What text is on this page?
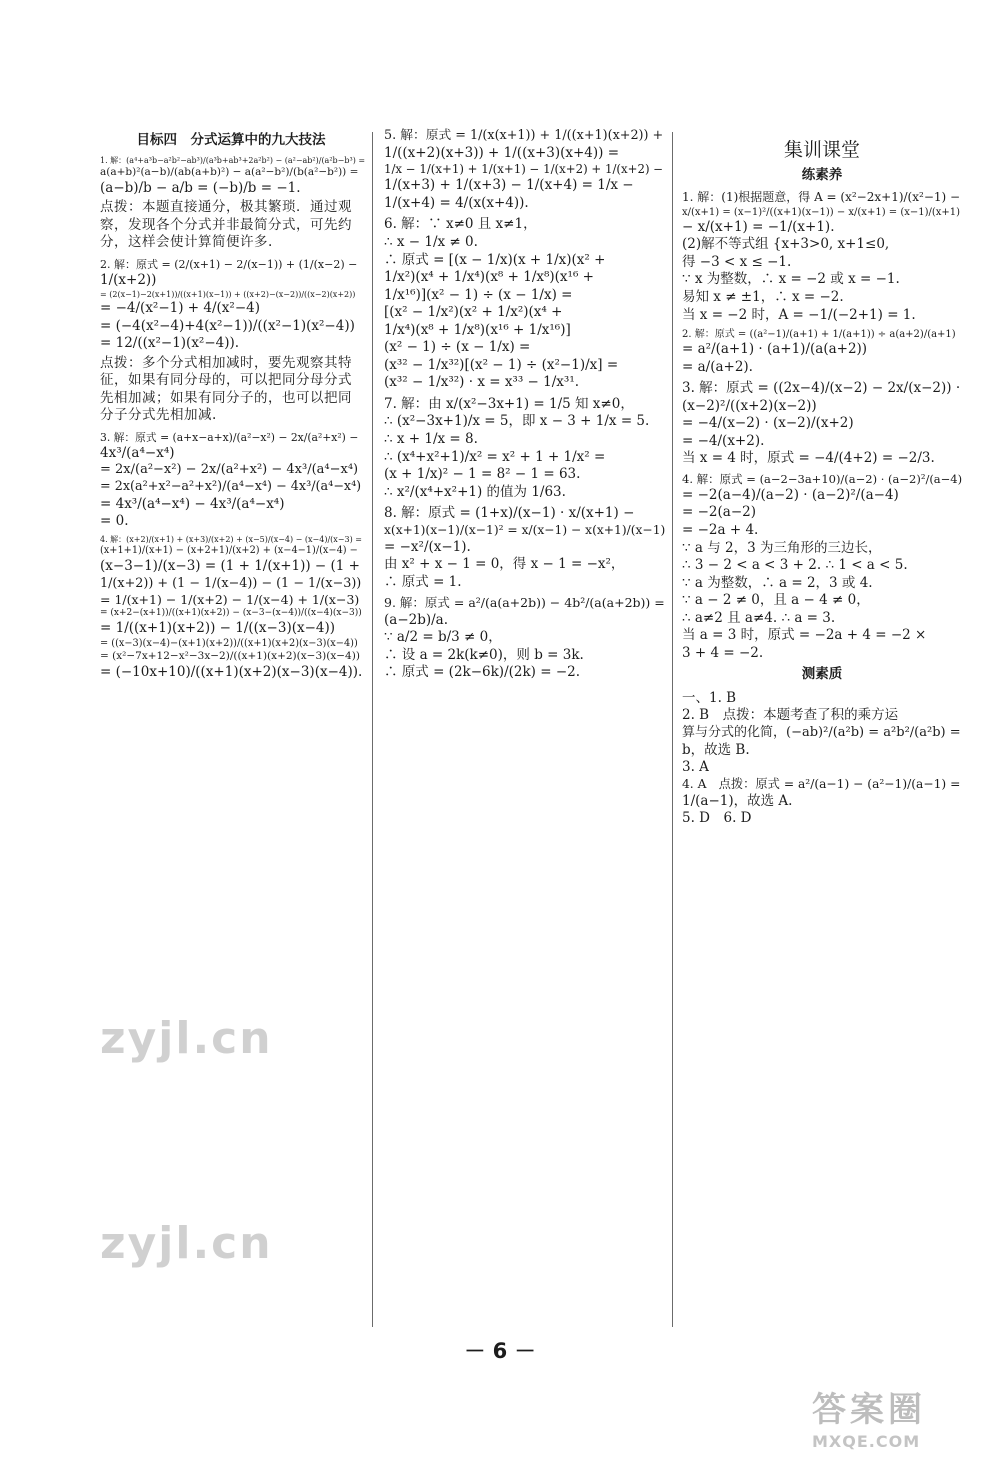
目标四　分式运算中的九大技法
1. 解：(a⁴+a³b−a²b²−ab³)/(a³b+ab³+2a²b²) − (a²−ab²)/(a²b−b³) =
a(a+b)²(a−b)/(ab(a+b)²) − a(a²−b²)/(b(a²−b²)) =
(a−b)/b − a/b = (−b)/b = −1.
点拨：本题直接通分，极其繁琐．通过观察，发现各个分式并非最简分式，可先约分，这样会使计算简便许多.
2. 解：原式 = (2/(x+1) − 2/(x−1)) + (1/(x−2) −
1/(x+2))
= (2(x−1)−2(x+1))/((x+1)(x−1)) + ((x+2)−(x−2))/((x−2)(x+2))
= −4/(x²−1) + 4/(x²−4)
= (−4(x²−4)+4(x²−1))/((x²−1)(x²−4))
= 12/((x²−1)(x²−4)).
点拨：多个分式相加减时，要先观察其特征，如果有同分母的，可以把同分母分式先相加减；如果有同分子的，也可以把同分子分式先相加减.
3. 解：原式 = (a+x−a+x)/(a²−x²) − 2x/(a²+x²) −
4x³/(a⁴−x⁴)
= 2x/(a²−x²) − 2x/(a²+x²) − 4x³/(a⁴−x⁴)
= 2x(a²+x²−a²+x²)/(a⁴−x⁴) − 4x³/(a⁴−x⁴)
= 4x³/(a⁴−x⁴) − 4x³/(a⁴−x⁴)
= 0.
4. 解：(x+2)/(x+1) + (x+3)/(x+2) + (x−5)/(x−4) − (x−4)/(x−3) =
(x+1+1)/(x+1) − (x+2+1)/(x+2) + (x−4−1)/(x−4) −
(x−3−1)/(x−3) = (1 + 1/(x+1)) − (1 +
1/(x+2)) + (1 − 1/(x−4)) − (1 − 1/(x−3))
= 1/(x+1) − 1/(x+2) − 1/(x−4) + 1/(x−3)
= (x+2−(x+1))/((x+1)(x+2)) − (x−3−(x−4))/((x−4)(x−3))
= 1/((x+1)(x+2)) − 1/((x−3)(x−4))
= ((x−3)(x−4)−(x+1)(x+2))/((x+1)(x+2)(x−3)(x−4))
= (x²−7x+12−x²−3x−2)/((x+1)(x+2)(x−3)(x−4))
= (−10x+10)/((x+1)(x+2)(x−3)(x−4)).
5. 解：原式 = 1/(x(x+1)) + 1/((x+1)(x+2)) +
1/((x+2)(x+3)) + 1/((x+3)(x+4)) =
1/x − 1/(x+1) + 1/(x+1) − 1/(x+2) + 1/(x+2) −
1/(x+3) + 1/(x+3) − 1/(x+4) = 1/x −
1/(x+4) = 4/(x(x+4)).
6. 解：∵ x≠0 且 x≠1，
∴ x − 1/x ≠ 0.
∴ 原式 = [(x − 1/x)(x + 1/x)(x² +
1/x²)(x⁴ + 1/x⁴)(x⁸ + 1/x⁸)(x¹⁶ +
1/x¹⁶)](x² − 1) ÷ (x − 1/x) =
[(x² − 1/x²)(x² + 1/x²)(x⁴ +
1/x⁴)(x⁸ + 1/x⁸)(x¹⁶ + 1/x¹⁶)]
(x² − 1) ÷ (x − 1/x) =
(x³² − 1/x³²)[(x² − 1) ÷ (x²−1)/x] =
(x³² − 1/x³²) · x = x³³ − 1/x³¹.
7. 解：由 x/(x²−3x+1) = 1/5 知 x≠0，
∴ (x²−3x+1)/x = 5，即 x − 3 + 1/x = 5.
∴ x + 1/x = 8.
∴ (x⁴+x²+1)/x² = x² + 1 + 1/x² =
(x + 1/x)² − 1 = 8² − 1 = 63.
∴ x²/(x⁴+x²+1) 的值为 1/63.
8. 解：原式 = (1+x)/(x−1) · x/(x+1) −
x(x+1)(x−1)/(x−1)² = x/(x−1) − x(x+1)/(x−1)
= −x²/(x−1).
由 x² + x − 1 = 0，得 x − 1 = −x²，
∴ 原式 = 1.
9. 解：原式 = a²/(a(a+2b)) − 4b²/(a(a+2b)) =
(a−2b)/a.
∵ a/2 = b/3 ≠ 0，
∴ 设 a = 2k(k≠0)，则 b = 3k.
∴ 原式 = (2k−6k)/(2k) = −2.
集训课堂
练素养
1. 解：(1)根据题意，得 A = (x²−2x+1)/(x²−1) −
x/(x+1) = (x−1)²/((x+1)(x−1)) − x/(x+1) = (x−1)/(x+1)
− x/(x+1) = −1/(x+1).
(2)解不等式组 {x+3>0, x+1≤0,
得 −3 < x ≤ −1.
∵ x 为整数，∴ x = −2 或 x = −1.
易知 x ≠ ±1，∴ x = −2.
当 x = −2 时，A = −1/(−2+1) = 1.
2. 解：原式 = ((a²−1)/(a+1) + 1/(a+1)) ÷ a(a+2)/(a+1)
= a²/(a+1) · (a+1)/(a(a+2))
= a/(a+2).
3. 解：原式 = ((2x−4)/(x−2) − 2x/(x−2)) ·
(x−2)²/((x+2)(x−2))
= −4/(x−2) · (x−2)/(x+2)
= −4/(x+2).
当 x = 4 时，原式 = −4/(4+2) = −2/3.
4. 解：原式 = (a−2−3a+10)/(a−2) · (a−2)²/(a−4)
= −2(a−4)/(a−2) · (a−2)²/(a−4)
= −2(a−2)
= −2a + 4.
∵ a 与 2，3 为三角形的三边长，
∴ 3 − 2 < a < 3 + 2. ∴ 1 < a < 5.
∵ a 为整数，∴ a = 2，3 或 4.
∵ a − 2 ≠ 0，且 a − 4 ≠ 0，
∴ a≠2 且 a≠4. ∴ a = 3.
当 a = 3 时，原式 = −2a + 4 = −2 ×
3 + 4 = −2.
测素质
一、1. B
2. B　点拨：本题考查了积的乘方运
算与分式的化简，(−ab)²/(a²b) = a²b²/(a²b) =
b，故选 B.
3. A
4. A　点拨：原式 = a²/(a−1) − (a²−1)/(a−1) =
1/(a−1)，故选 A.
5. D　6. D
zyjl.cn
zyjl.cn
－ 6 －
答案圈
MXQE.COM
